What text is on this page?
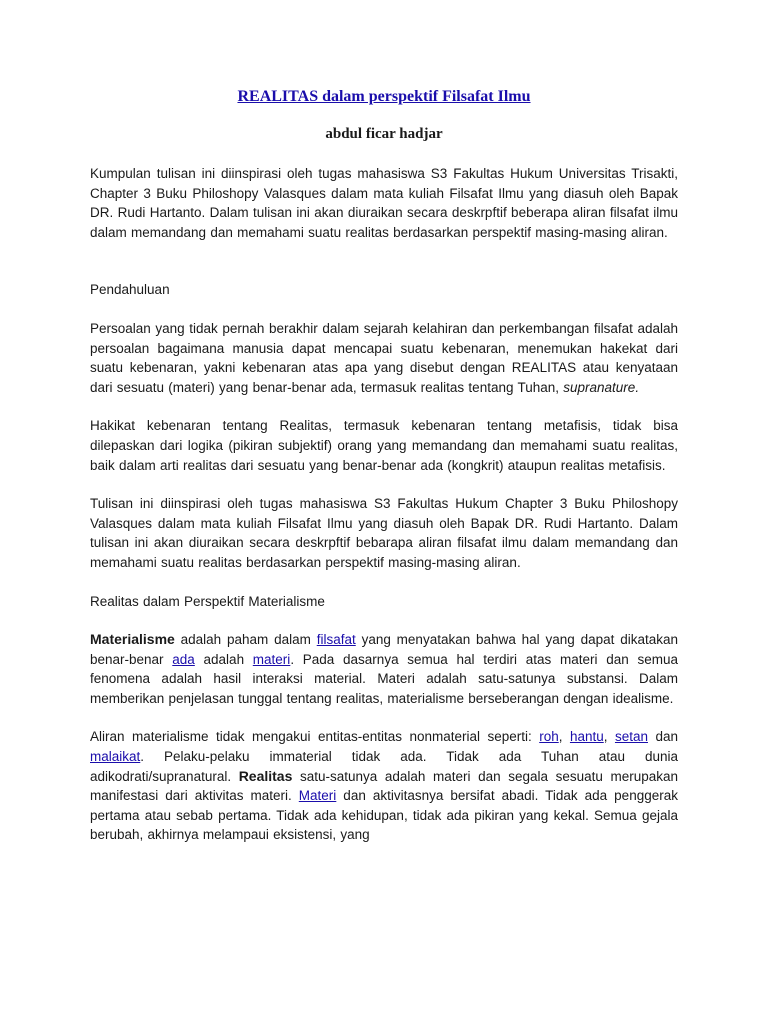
REALITAS dalam perspektif Filsafat Ilmu
abdul ficar hadjar

Kumpulan tulisan ini diinspirasi oleh tugas mahasiswa S3 Fakultas Hukum Universitas Trisakti, Chapter 3 Buku Philoshopy Valasques dalam mata kuliah Filsafat Ilmu yang diasuh oleh Bapak DR. Rudi Hartanto. Dalam tulisan ini akan diuraikan secara deskrpftif beberapa aliran filsafat ilmu dalam memandang dan memahami suatu realitas berdasarkan perspektif masing-masing aliran.

Pendahuluan

Persoalan yang tidak pernah berakhir dalam sejarah kelahiran dan perkembangan filsafat adalah persoalan bagaimana manusia dapat mencapai suatu kebenaran, menemukan hakekat dari suatu kebenaran, yakni kebenaran atas apa yang disebut dengan REALITAS atau kenyataan dari sesuatu (materi) yang benar-benar ada, termasuk realitas tentang Tuhan, supranature.

Hakikat kebenaran tentang Realitas, termasuk kebenaran tentang metafisis, tidak bisa dilepaskan dari logika (pikiran subjektif) orang yang memandang dan memahami suatu realitas, baik dalam arti realitas dari sesuatu yang benar-benar ada (kongkrit) ataupun realitas metafisis.

Tulisan ini diinspirasi oleh tugas mahasiswa S3 Fakultas Hukum Chapter 3 Buku Philoshopy Valasques dalam mata kuliah Filsafat Ilmu yang diasuh oleh Bapak DR. Rudi Hartanto. Dalam tulisan ini akan diuraikan secara deskrpftif bebarapa aliran filsafat ilmu dalam memandang dan memahami suatu realitas berdasarkan perspektif masing-masing aliran.

Realitas dalam Perspektif Materialisme

Materialisme adalah paham dalam filsafat yang menyatakan bahwa hal yang dapat dikatakan benar-benar ada adalah materi. Pada dasarnya semua hal terdiri atas materi dan semua fenomena adalah hasil interaksi material. Materi adalah satu-satunya substansi. Dalam memberikan penjelasan tunggal tentang realitas, materialisme berseberangan dengan idealisme.

Aliran materialisme tidak mengakui entitas-entitas nonmaterial seperti: roh, hantu, setan dan malaikat. Pelaku-pelaku immaterial tidak ada. Tidak ada Tuhan atau dunia adikodrati/supranatural. Realitas satu-satunya adalah materi dan segala sesuatu merupakan manifestasi dari aktivitas materi. Materi dan aktivitasnya bersifat abadi. Tidak ada penggerak pertama atau sebab pertama. Tidak ada kehidupan, tidak ada pikiran yang kekal. Semua gejala berubah, akhirnya melampaui eksistensi, yang
